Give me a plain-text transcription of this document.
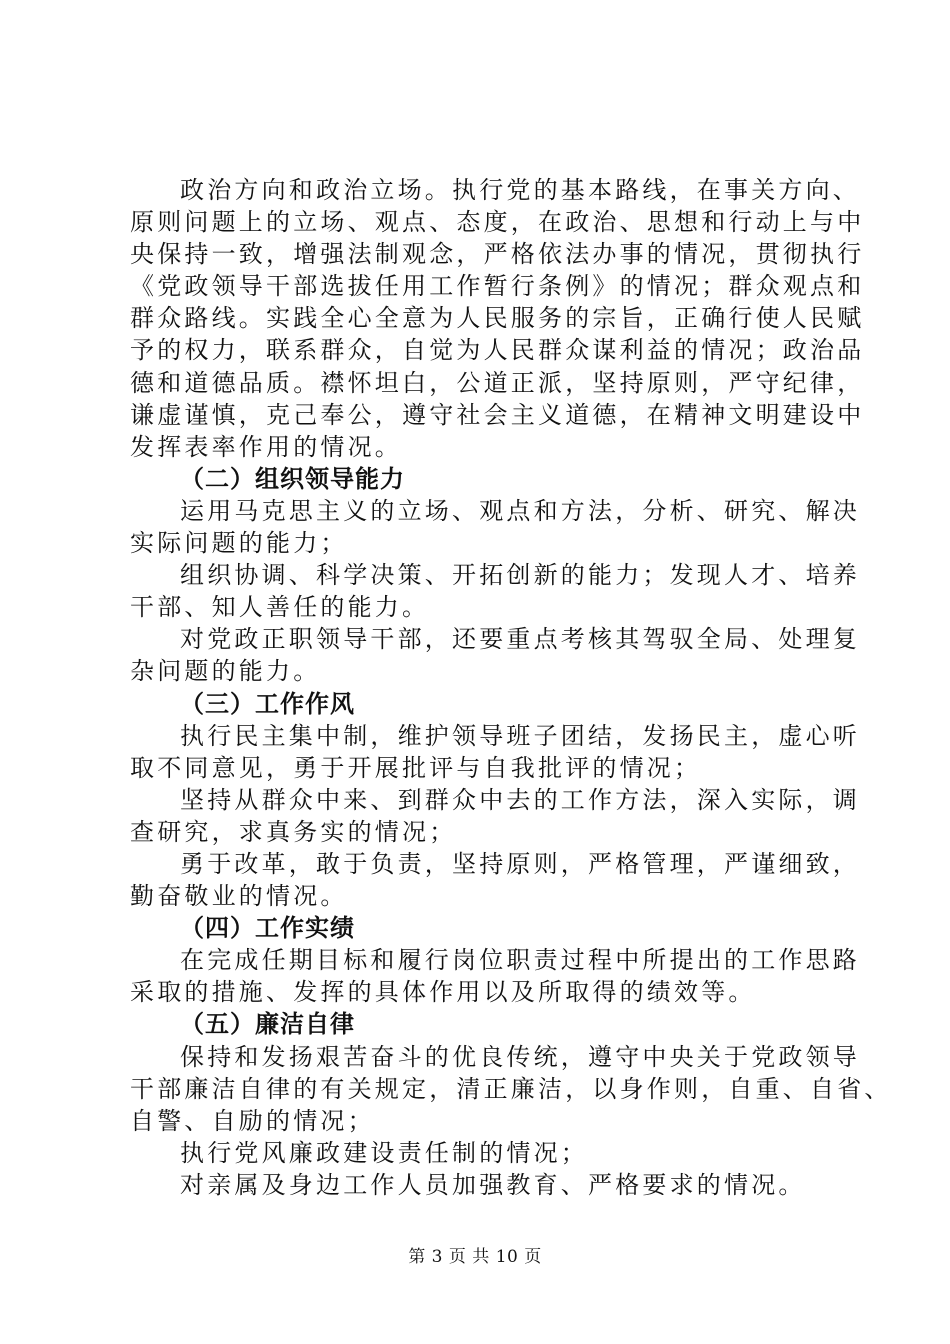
政治方向和政治立场。执行党的基本路线，在事关方向、
原则问题上的立场、观点、态度，在政治、思想和行动上与中
央保持一致，增强法制观念，严格依法办事的情况，贯彻执行
《党政领导干部选拔任用工作暂行条例》的情况；群众观点和
群众路线。实践全心全意为人民服务的宗旨，正确行使人民赋
予的权力，联系群众，自觉为人民群众谋利益的情况；政治品
德和道德品质。襟怀坦白，公道正派，坚持原则，严守纪律，
谦虚谨慎，克己奉公，遵守社会主义道德，在精神文明建设中
发挥表率作用的情况。
（二）组织领导能力
运用马克思主义的立场、观点和方法，分析、研究、解决
实际问题的能力；
组织协调、科学决策、开拓创新的能力；发现人才、培养
干部、知人善任的能力。
对党政正职领导干部，还要重点考核其驾驭全局、处理复
杂问题的能力。
（三）工作作风
执行民主集中制，维护领导班子团结，发扬民主，虚心听
取不同意见，勇于开展批评与自我批评的情况；
坚持从群众中来、到群众中去的工作方法，深入实际，调
查研究，求真务实的情况；
勇于改革，敢于负责，坚持原则，严格管理，严谨细致，
勤奋敬业的情况。
（四）工作实绩
在完成任期目标和履行岗位职责过程中所提出的工作思路
采取的措施、发挥的具体作用以及所取得的绩效等。
（五）廉洁自律
保持和发扬艰苦奋斗的优良传统，遵守中央关于党政领导
干部廉洁自律的有关规定，清正廉洁，以身作则，自重、自省、
自警、自励的情况；
执行党风廉政建设责任制的情况；
对亲属及身边工作人员加强教育、严格要求的情况。
第 3 页 共 10 页
